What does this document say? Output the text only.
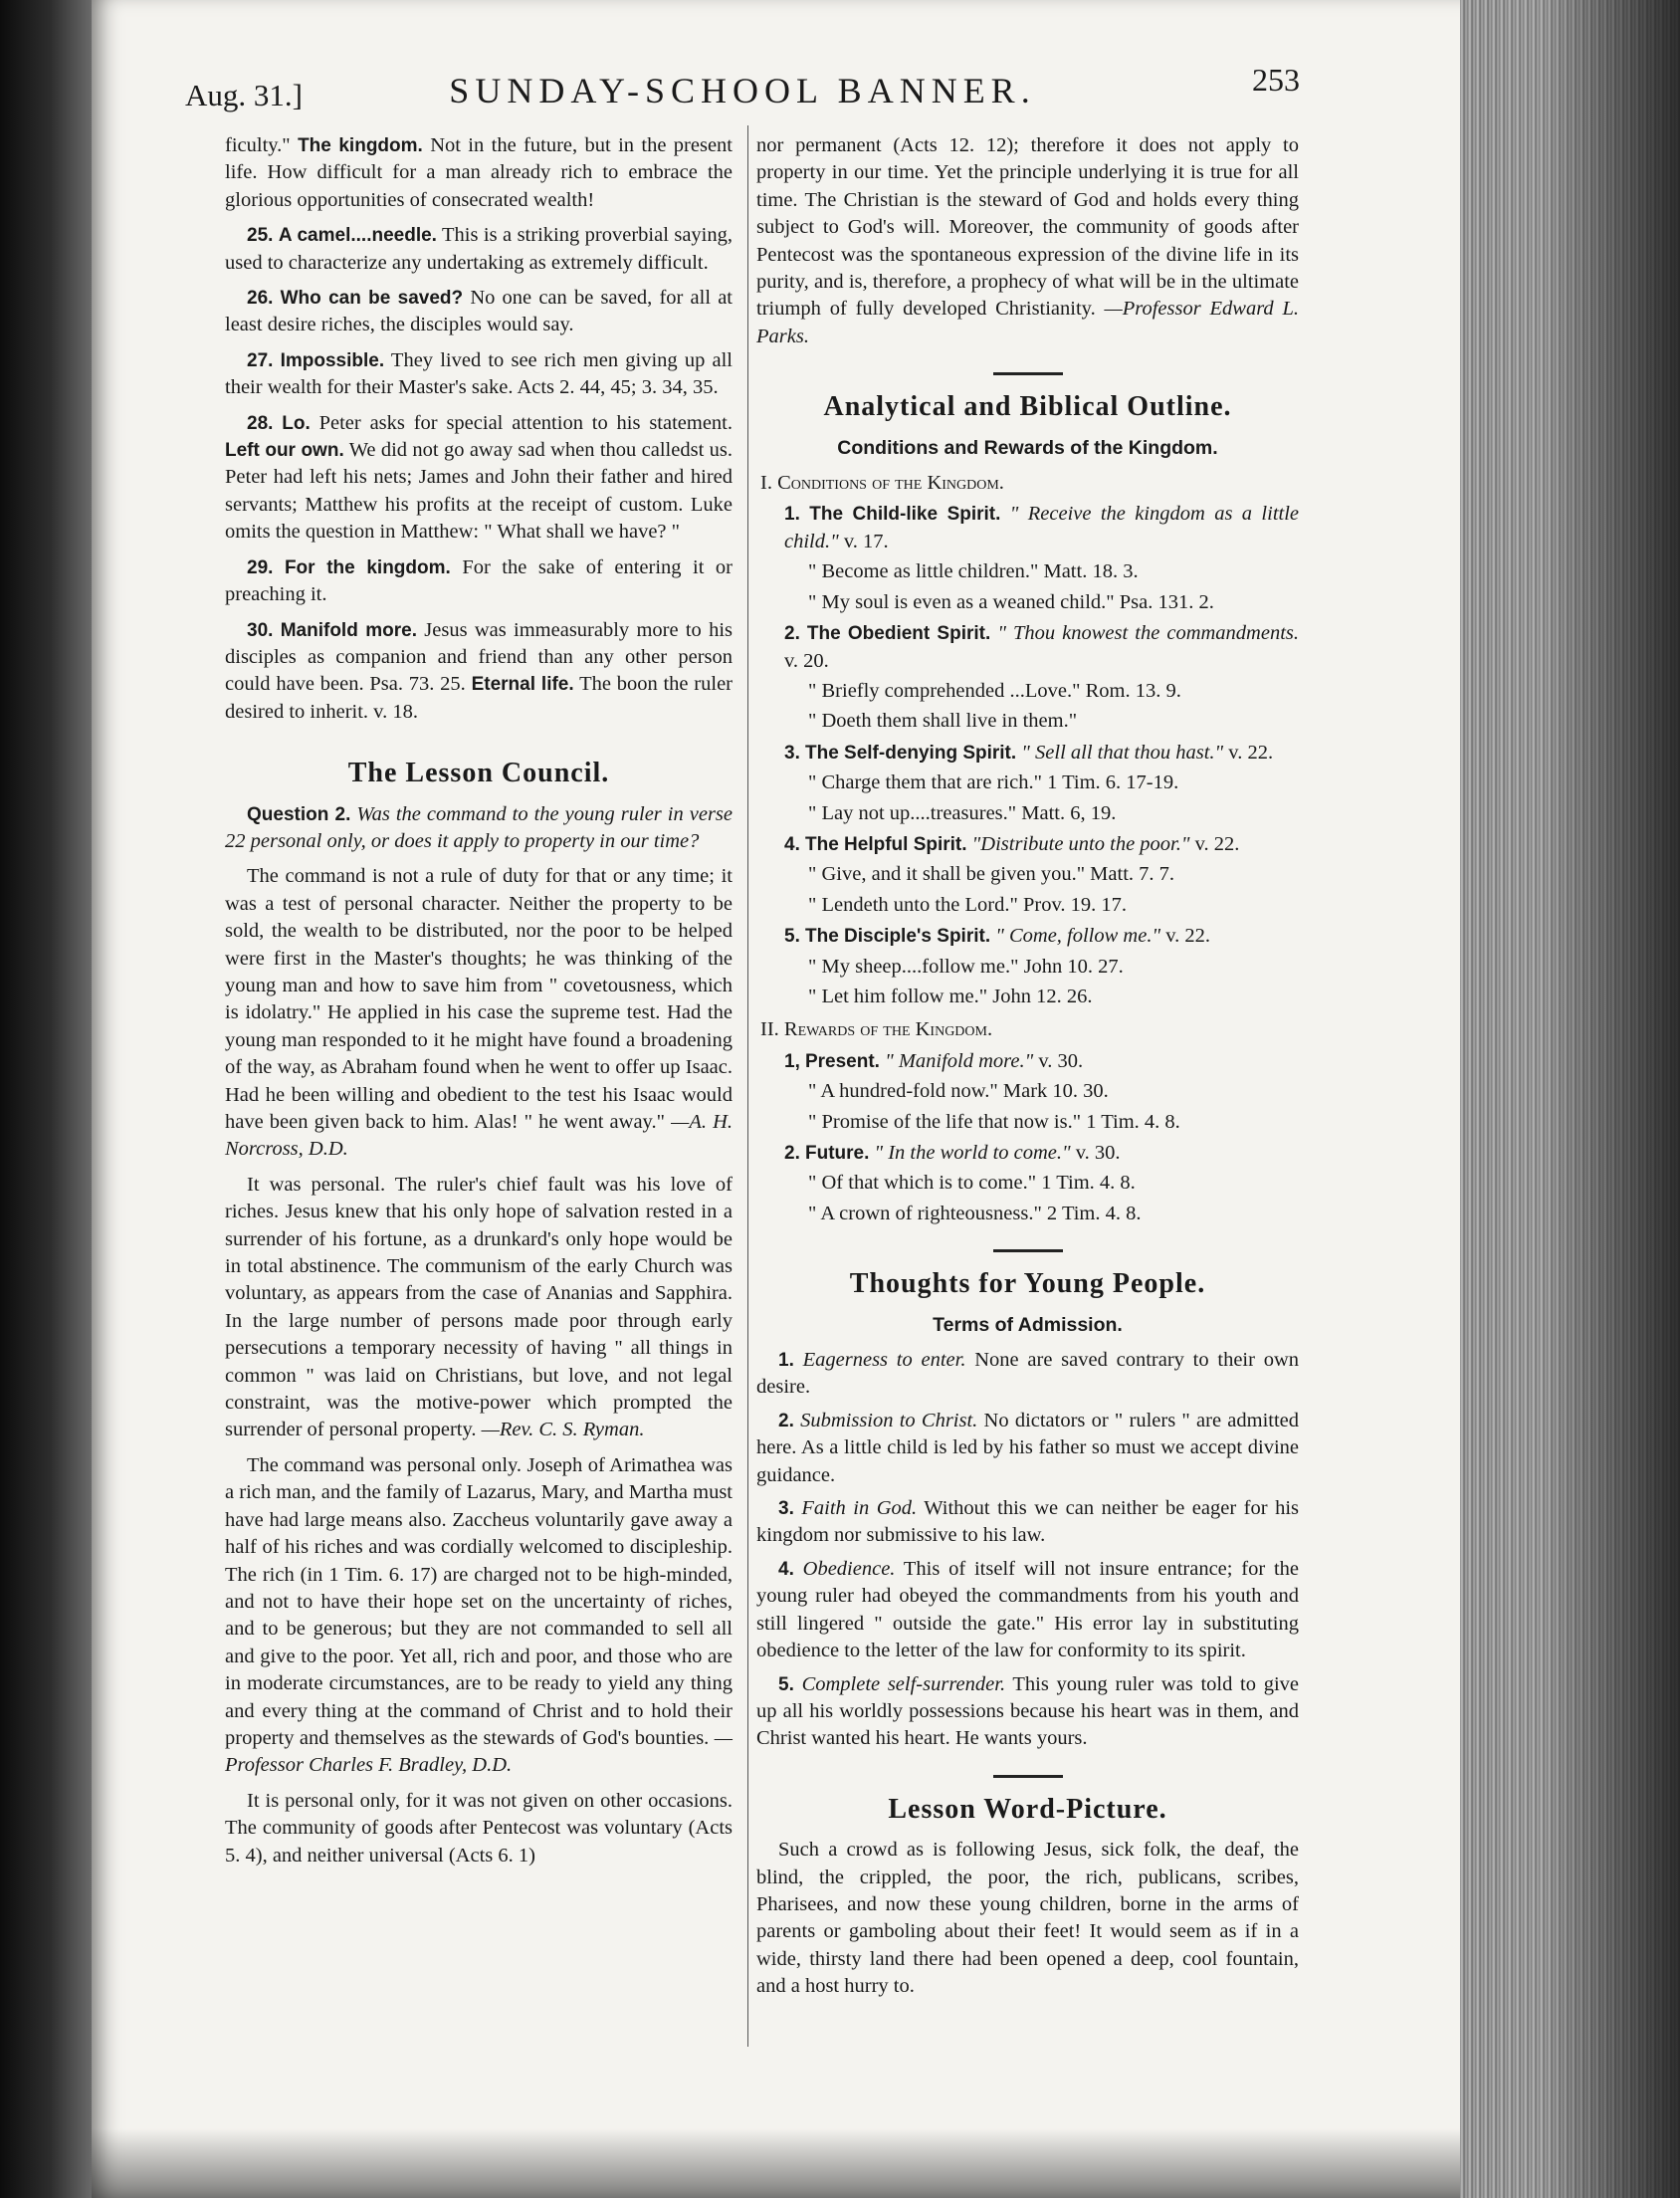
Aug. 31.]	SUNDAY-SCHOOL BANNER.	253

ficulty." The kingdom. Not in the future, but in the present life. How difficult for a man already rich to embrace the glorious opportunities of consecrated wealth!

25. A camel....needle. This is a striking proverbial saying, used to characterize any undertaking as extremely difficult.

26. Who can be saved? No one can be saved, for all at least desire riches, the disciples would say.

27. Impossible. They lived to see rich men giving up all their wealth for their Master's sake. Acts 2. 44, 45; 3. 34, 35.

28. Lo. Peter asks for special attention to his statement. Left our own. We did not go away sad when thou calledst us. Peter had left his nets; James and John their father and hired servants; Matthew his profits at the receipt of custom. Luke omits the question in Matthew: " What shall we have? "

29. For the kingdom. For the sake of entering it or preaching it.

30. Manifold more. Jesus was immeasurably more to his disciples as companion and friend than any other person could have been. Psa. 73. 25. Eternal life. The boon the ruler desired to inherit. v. 18.

The Lesson Council.

Question 2. Was the command to the young ruler in verse 22 personal only, or does it apply to property in our time?

The command is not a rule of duty for that or any time; it was a test of personal character. Neither the property to be sold, the wealth to be distributed, nor the poor to be helped were first in the Master's thoughts; he was thinking of the young man and how to save him from " covetousness, which is idolatry." He applied in his case the supreme test. Had the young man responded to it he might have found a broadening of the way, as Abraham found when he went to offer up Isaac. Had he been willing and obedient to the test his Isaac would have been given back to him. Alas! " he went away." —A. H. Norcross, D.D.

It was personal. The ruler's chief fault was his love of riches. Jesus knew that his only hope of salvation rested in a surrender of his fortune, as a drunkard's only hope would be in total abstinence. The communism of the early Church was voluntary, as appears from the case of Ananias and Sapphira. In the large number of persons made poor through early persecutions a temporary necessity of having " all things in common " was laid on Christians, but love, and not legal constraint, was the motive-power which prompted the surrender of personal property. —Rev. C. S. Ryman.

The command was personal only. Joseph of Arimathea was a rich man, and the family of Lazarus, Mary, and Martha must have had large means also. Zaccheus voluntarily gave away a half of his riches and was cordially welcomed to discipleship. The rich (in 1 Tim. 6. 17) are charged not to be high-minded, and not to have their hope set on the uncertainty of riches, and to be generous; but they are not commanded to sell all and give to the poor. Yet all, rich and poor, and those who are in moderate circumstances, are to be ready to yield any thing and every thing at the command of Christ and to hold their property and themselves as the stewards of God's bounties. —Professor Charles F. Bradley, D.D.

It is personal only, for it was not given on other occasions. The community of goods after Pentecost was voluntary (Acts 5. 4), and neither universal (Acts 6. 1)

nor permanent (Acts 12. 12); therefore it does not apply to property in our time. Yet the principle underlying it is true for all time. The Christian is the steward of God and holds every thing subject to God's will. Moreover, the community of goods after Pentecost was the spontaneous expression of the divine life in its purity, and is, therefore, a prophecy of what will be in the ultimate triumph of fully developed Christianity. —Professor Edward L. Parks.

Analytical and Biblical Outline.
Conditions and Rewards of the Kingdom.
I. Conditions of the Kingdom.
1. The Child-like Spirit. " Receive the kingdom as a little child." v. 17.
" Become as little children." Matt. 18. 3.
" My soul is even as a weaned child." Psa. 131. 2.
2. The Obedient Spirit. " Thou knowest the commandments. v. 20.
" Briefly comprehended ...Love." Rom. 13. 9.
" Doeth them shall live in them."
3. The Self-denying Spirit. " Sell all that thou hast." v. 22.
" Charge them that are rich." 1 Tim. 6. 17-19.
" Lay not up....treasures." Matt. 6, 19.
4. The Helpful Spirit. "Distribute unto the poor." v. 22.
" Give, and it shall be given you." Matt. 7. 7.
" Lendeth unto the Lord." Prov. 19. 17.
5. The Disciple's Spirit. " Come, follow me." v. 22.
" My sheep....follow me." John 10. 27.
" Let him follow me." John 12. 26.
II. Rewards of the Kingdom.
1, Present. " Manifold more." v. 30.
" A hundred-fold now." Mark 10. 30.
" Promise of the life that now is." 1 Tim. 4. 8.
2. Future. " In the world to come." v. 30.
" Of that which is to come." 1 Tim. 4. 8.
" A crown of righteousness." 2 Tim. 4. 8.
Thoughts for Young People.
Terms of Admission.

1. Eagerness to enter. None are saved contrary to their own desire.

2. Submission to Christ. No dictators or " rulers " are admitted here. As a little child is led by his father so must we accept divine guidance.

3. Faith in God. Without this we can neither be eager for his kingdom nor submissive to his law.

4. Obedience. This of itself will not insure entrance; for the young ruler had obeyed the commandments from his youth and still lingered " outside the gate." His error lay in substituting obedience to the letter of the law for conformity to its spirit.

5. Complete self-surrender. This young ruler was told to give up all his worldly possessions because his heart was in them, and Christ wanted his heart. He wants yours.

Lesson Word-Picture.

Such a crowd as is following Jesus, sick folk, the deaf, the blind, the crippled, the poor, the rich, publicans, scribes, Pharisees, and now these young children, borne in the arms of parents or gamboling about their feet! It would seem as if in a wide, thirsty land there had been opened a deep, cool fountain, and a host hurry to.
